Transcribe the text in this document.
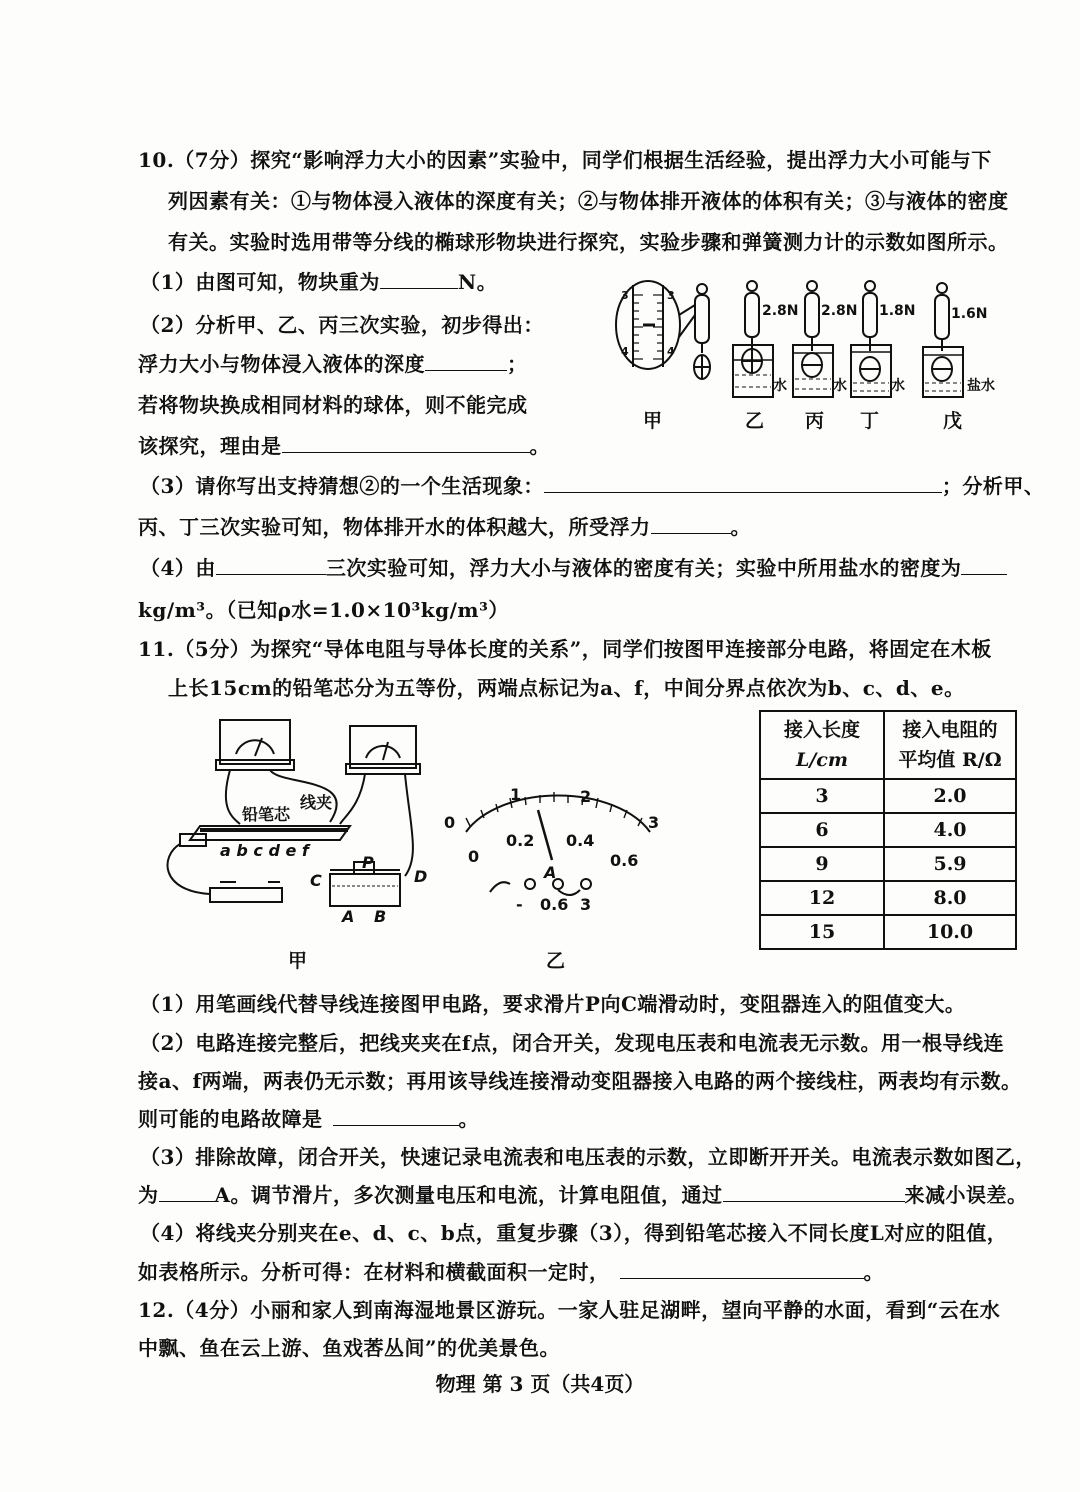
10.（7分）探究“影响浮力大小的因素”实验中，同学们根据生活经验，提出浮力大小可能与下
列因素有关：①与物体浸入液体的深度有关；②与物体排开液体的体积有关；③与液体的密度
有关。实验时选用带等分线的椭球形物块进行探究，实验步骤和弹簧测力计的示数如图所示。
（1）由图可知，物块重为	N。
（2）分析甲、乙、丙三次实验，初步得出：
浮力大小与物体浸入液体的深度	；
若将物块换成相同材料的球体，则不能完成
该探究，理由是	。
3
4
3
4
2.8N 2.8N 1.8N	1.6N
水	水	水	盐水
甲	乙 丙 丁	戊
（3）请你写出支持猜想②的一个生活现象：	；分析甲、
丙、丁三次实验可知，物体排开水的体积越大，所受浮力	。
（4）由	三次实验可知，浮力大小与液体的密度有关；实验中所用盐水的密度为
kg/m³。（已知ρ水=1.0×10³kg/m³）
11.（5分）为探究“导体电阻与导体长度的关系”，同学们按图甲连接部分电路，将固定在木板
上长15cm的铅笔芯分为五等份，两端点标记为a、f，中间分界点依次为b、c、d、e。
铅笔芯
线夹
a b c d e f
P
C	D
A B
甲
0
1	2
3
0
0.2 0.4
0.6
A
- 0.6 3
乙
接入长度
L/cm	接入电阻的
平均值 R/Ω
3	2.0
6	4.0
9	5.9
12	8.0
15	10.0
（1）用笔画线代替导线连接图甲电路，要求滑片P向C端滑动时，变阻器连入的阻值变大。
（2）电路连接完整后，把线夹夹在f点，闭合开关，发现电压表和电流表无示数。用一根导线连
接a、f两端，两表仍无示数；再用该导线连接滑动变阻器接入电路的两个接线柱，两表均有示数。
则可能的电路故障是	。
（3）排除故障，闭合开关，快速记录电流表和电压表的示数，立即断开开关。电流表示数如图乙，
为	A。调节滑片，多次测量电压和电流，计算电阻值，通过	来减小误差。
（4）将线夹分别夹在e、d、c、b点，重复步骤（3），得到铅笔芯接入不同长度L对应的阻值，
如表格所示。分析可得：在材料和横截面积一定时，	。
12.（4分）小丽和家人到南海湿地景区游玩。一家人驻足湖畔，望向平静的水面，看到“云在水
中飘、鱼在云上游、鱼戏莕丛间”的优美景色。
物理 第 3 页（共4页）
